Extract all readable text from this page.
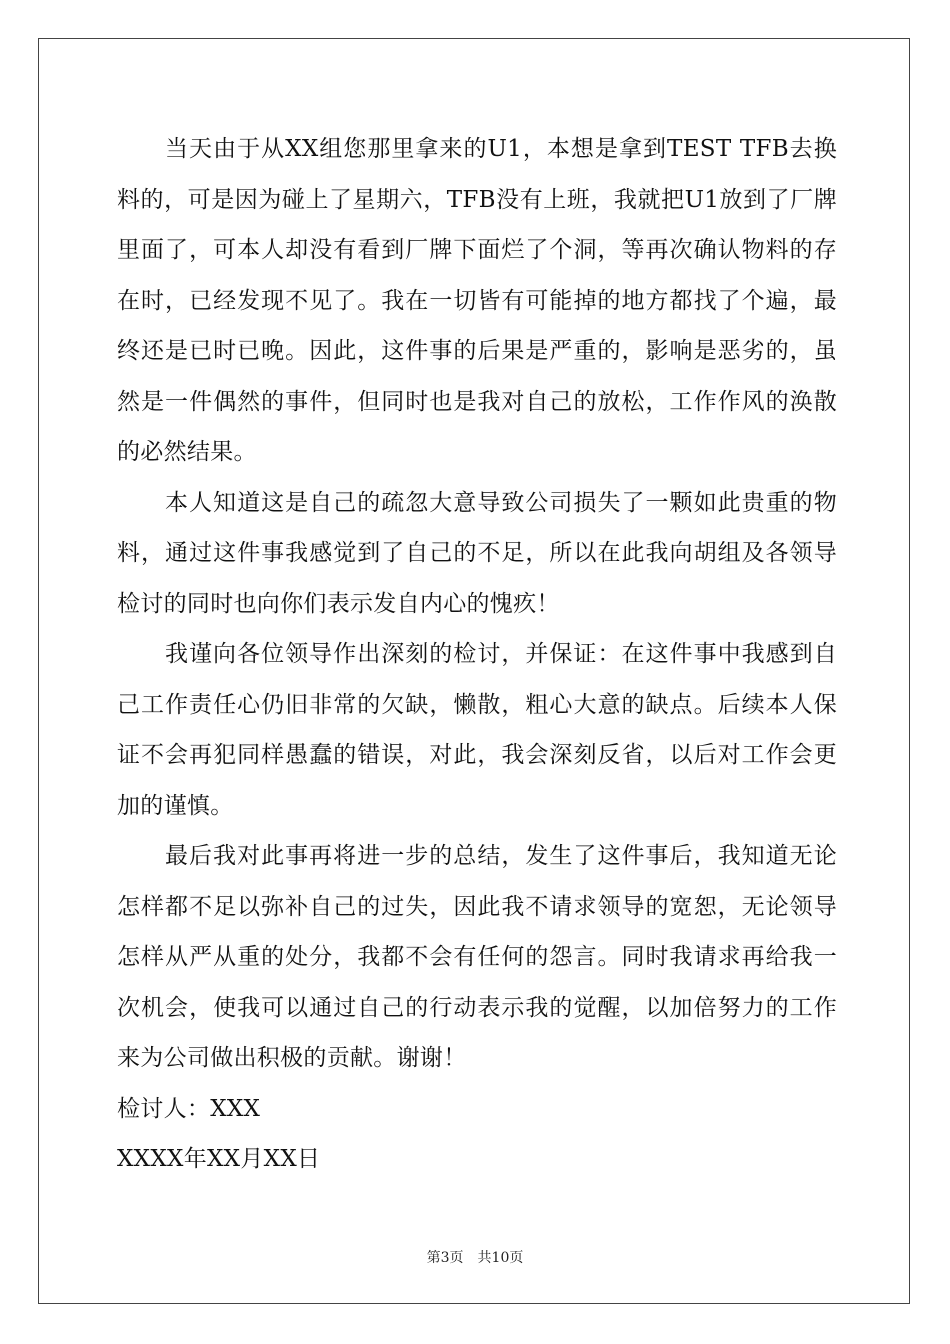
当天由于从XX组您那里拿来的U1，本想是拿到TEST TFB去换料的，可是因为碰上了星期六，TFB没有上班，我就把U1放到了厂牌里面了，可本人却没有看到厂牌下面烂了个洞，等再次确认物料的存在时，已经发现不见了。我在一切皆有可能掉的地方都找了个遍，最终还是已时已晚。因此，这件事的后果是严重的，影响是恶劣的，虽然是一件偶然的事件，但同时也是我对自己的放松，工作作风的涣散的必然结果。

本人知道这是自己的疏忽大意导致公司损失了一颗如此贵重的物料，通过这件事我感觉到了自己的不足，所以在此我向胡组及各领导检讨的同时也向你们表示发自内心的愧疚！

我谨向各位领导作出深刻的检讨，并保证：在这件事中我感到自己工作责任心仍旧非常的欠缺，懒散，粗心大意的缺点。后续本人保证不会再犯同样愚蠢的错误，对此，我会深刻反省，以后对工作会更加的谨慎。

最后我对此事再将进一步的总结，发生了这件事后，我知道无论怎样都不足以弥补自己的过失，因此我不请求领导的宽恕，无论领导怎样从严从重的处分，我都不会有任何的怨言。同时我请求再给我一次机会，使我可以通过自己的行动表示我的觉醒，以加倍努力的工作来为公司做出积极的贡献。谢谢！

检讨人：XXX

XXXX年XX月XX日

第3页 共10页
